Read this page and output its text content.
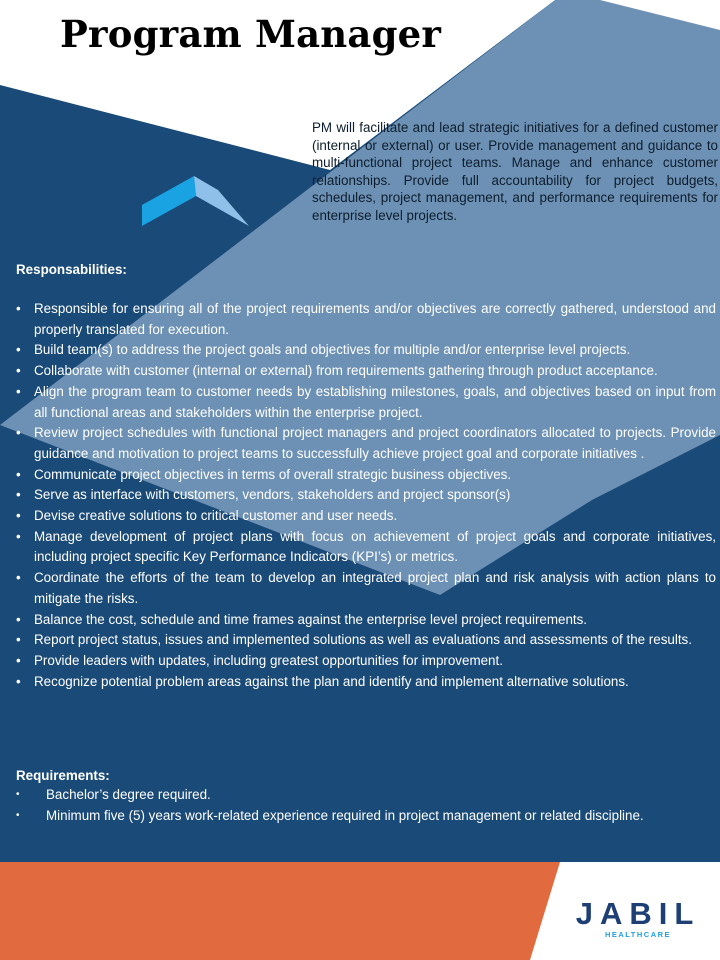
Program Manager

PM will facilitate and lead strategic initiatives for a defined customer (internal or external) or user. Provide management and guidance to multi-functional project teams. Manage and enhance customer relationships. Provide full accountability for project budgets, schedules, project management, and performance requirements for enterprise level projects.

Responsabilities:

• Responsible for ensuring all of the project requirements and/or objectives are correctly gathered, understood and properly translated for execution.
• Build team(s) to address the project goals and objectives for multiple and/or enterprise level projects.
• Collaborate with customer (internal or external) from requirements gathering through product acceptance.
• Align the program team to customer needs by establishing milestones, goals, and objectives based on input from all functional areas and stakeholders within the enterprise project.
• Review project schedules with functional project managers and project coordinators allocated to projects. Provide guidance and motivation to project teams to successfully achieve project goal and corporate initiatives .
• Communicate project objectives in terms of overall strategic business objectives.
• Serve as interface with customers, vendors, stakeholders and project sponsor(s)
• Devise creative solutions to critical customer and user needs.
• Manage development of project plans with focus on achievement of project goals and corporate initiatives, including project specific Key Performance Indicators (KPI’s) or metrics.
• Coordinate the efforts of the team to develop an integrated project plan and risk analysis with action plans to mitigate the risks.
• Balance the cost, schedule and time frames against the enterprise level project requirements.
• Report project status, issues and implemented solutions as well as evaluations and assessments of the results.
• Provide leaders with updates, including greatest opportunities for improvement.
• Recognize potential problem areas against the plan and identify and implement alternative solutions.

Requirements:

• Bachelor’s degree required.
• Minimum five (5) years work-related experience required in project management or related discipline.
JABIL
HEALTHCARE
